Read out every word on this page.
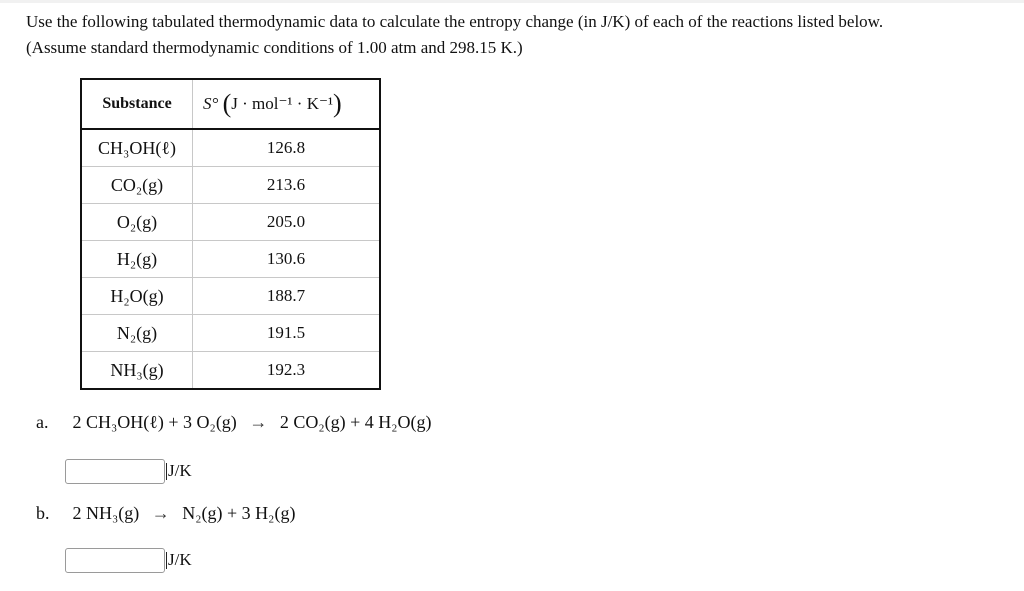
Use the following tabulated thermodynamic data to calculate the entropy change (in J/K) of each of the reactions listed below.
(Assume standard thermodynamic conditions of 1.00 atm and 298.15 K.)
Substance	S° (J · mol⁻¹ · K⁻¹)
CH₃OH(ℓ)	126.8
CO₂(g)	213.6
O₂(g)	205.0
H₂(g)	130.6
H₂O(g)	188.7
N₂(g)	191.5
NH₃(g)	192.3
a. 2 CH₃OH(ℓ) + 3 O₂(g) → 2 CO₂(g) + 4 H₂O(g)
J/K
b. 2 NH₃(g) → N₂(g) + 3 H₂(g)
J/K
